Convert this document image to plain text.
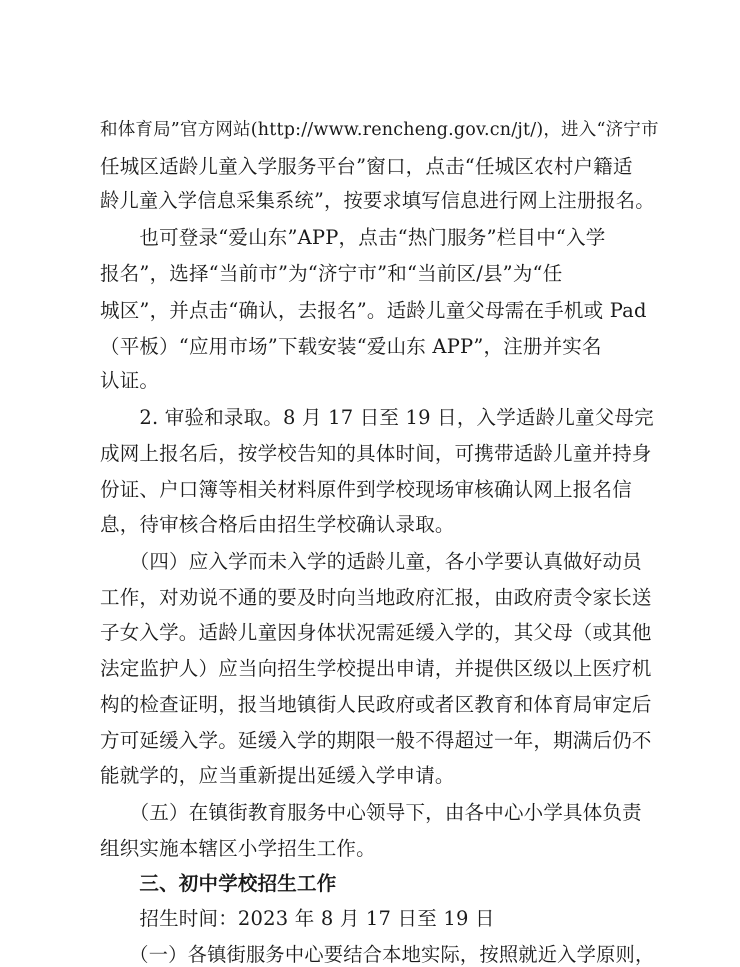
和体育局”官方网站(http://www.rencheng.gov.cn/jt/)，进入“济宁市
任城区适龄儿童入学服务平台”窗口，点击“任城区农村户籍适
龄儿童入学信息采集系统”，按要求填写信息进行网上注册报名。
　　也可登录“爱山东”APP，点击“热门服务”栏目中“入学
报名”，选择“当前市”为“济宁市”和“当前区/县”为“任
城区”，并点击“确认，去报名”。适龄儿童父母需在手机或 Pad
（平板）“应用市场”下载安装“爱山东 APP”，注册并实名
认证。
　　2. 审验和录取。8 月 17 日至 19 日，入学适龄儿童父母完
成网上报名后，按学校告知的具体时间，可携带适龄儿童并持身
份证、户口簿等相关材料原件到学校现场审核确认网上报名信
息，待审核合格后由招生学校确认录取。
　　（四）应入学而未入学的适龄儿童，各小学要认真做好动员
工作，对劝说不通的要及时向当地政府汇报，由政府责令家长送
子女入学。适龄儿童因身体状况需延缓入学的，其父母（或其他
法定监护人）应当向招生学校提出申请，并提供区级以上医疗机
构的检查证明，报当地镇街人民政府或者区教育和体育局审定后
方可延缓入学。延缓入学的期限一般不得超过一年，期满后仍不
能就学的，应当重新提出延缓入学申请。
　　（五）在镇街教育服务中心领导下，由各中心小学具体负责
组织实施本辖区小学招生工作。
　　三、初中学校招生工作
　　招生时间：2023 年 8 月 17 日至 19 日
　　（一）各镇街服务中心要结合本地实际，按照就近入学原则，
